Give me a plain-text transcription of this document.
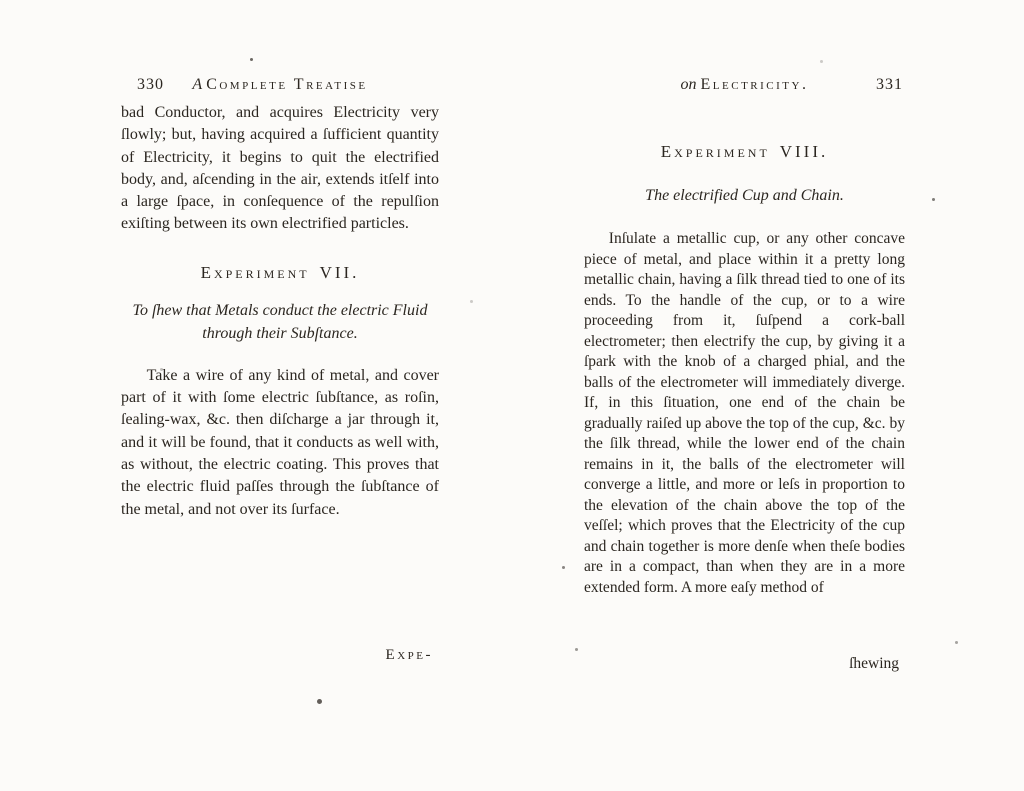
330	A Complete Treatise

bad Conductor, and acquires Electricity very ſlowly; but, having acquired a ſufficient quantity of Electricity, it begins to quit the electrified body, and, aſcending in the air, extends itſelf into a large ſpace, in conſequence of the repulſion exiſting between its own electrified particles.

Experiment VII.

To ſhew that Metals conduct the electric Fluid through their Subſtance.

Take a wire of any kind of metal, and cover part of it with ſome electric ſubſtance, as roſin, ſealing-wax, &c. then diſcharge a jar through it, and it will be found, that it conducts as well with, as without, the electric coating. This proves that the electric fluid paſſes through the ſubſtance of the metal, and not over its ſurface.

Expe-
on Electricity.	331
Experiment VIII.

The electrified Cup and Chain.

Inſulate a metallic cup, or any other concave piece of metal, and place within it a pretty long metallic chain, having a ſilk thread tied to one of its ends. To the handle of the cup, or to a wire proceeding from it, ſuſpend a cork-ball electrometer; then electrify the cup, by giving it a ſpark with the knob of a charged phial, and the balls of the electrometer will immediately diverge. If, in this ſituation, one end of the chain be gradually raiſed up above the top of the cup, &c. by the ſilk thread, while the lower end of the chain remains in it, the balls of the electrometer will converge a little, and more or leſs in proportion to the elevation of the chain above the top of the veſſel; which proves that the Electricity of the cup and chain together is more denſe when theſe bodies are in a compact, than when they are in a more extended form. A more eaſy method of

ſhewing
